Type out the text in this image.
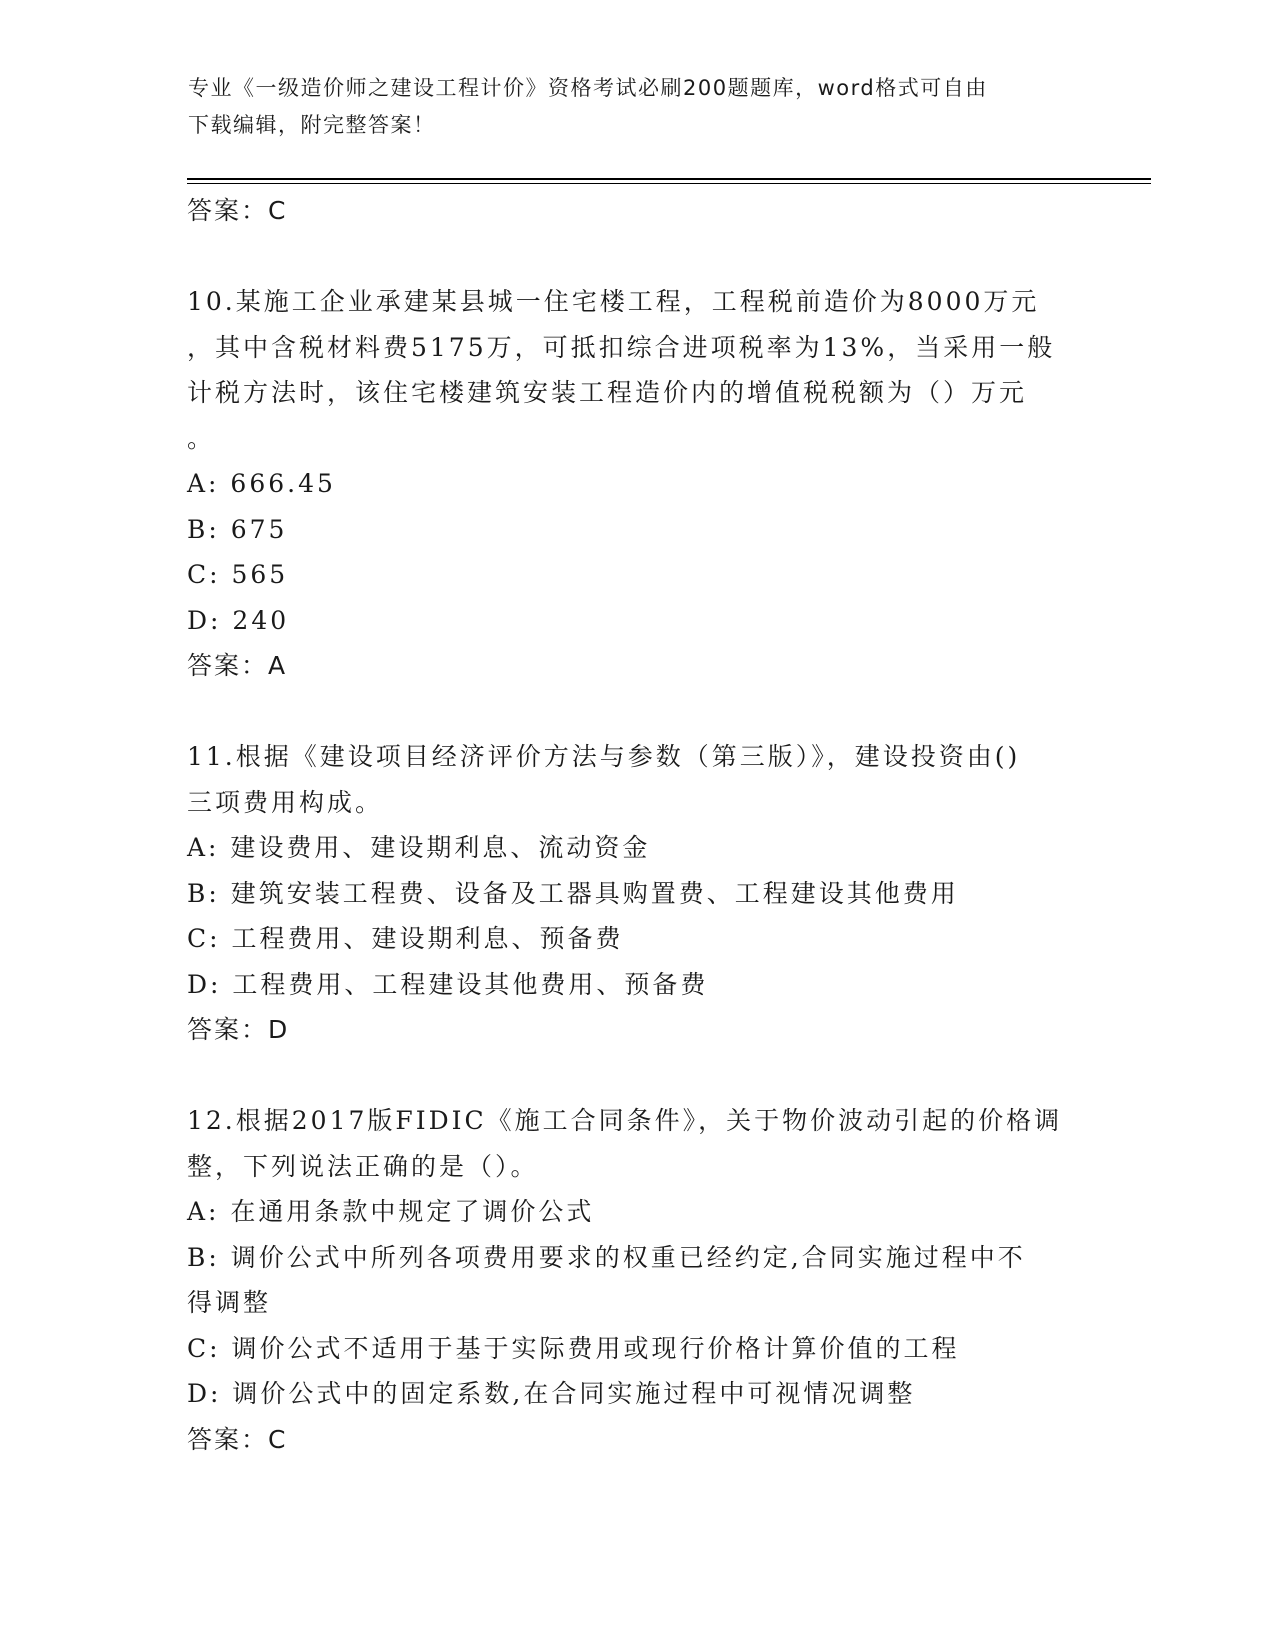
专业《一级造价师之建设工程计价》资格考试必刷200题题库，word格式可自由
下载编辑，附完整答案！
答案：C
10.某施工企业承建某县城一住宅楼工程，工程税前造价为8000万元
，其中含税材料费5175万，可抵扣综合进项税率为13%，当采用一般
计税方法时，该住宅楼建筑安装工程造价内的增值税税额为（）万元
。
A: 666.45
B: 675
C: 565
D: 240
答案：A
11.根据《建设项目经济评价方法与参数（第三版）》，建设投资由()
三项费用构成。
A: 建设费用、建设期利息、流动资金
B: 建筑安装工程费、设备及工器具购置费、工程建设其他费用
C: 工程费用、建设期利息、预备费
D: 工程费用、工程建设其他费用、预备费
答案：D
12.根据2017版FIDIC《施工合同条件》，关于物价波动引起的价格调
整，下列说法正确的是（）。
A: 在通用条款中规定了调价公式
B: 调价公式中所列各项费用要求的权重已经约定,合同实施过程中不
得调整
C: 调价公式不适用于基于实际费用或现行价格计算价值的工程
D: 调价公式中的固定系数,在合同实施过程中可视情况调整
答案：C
